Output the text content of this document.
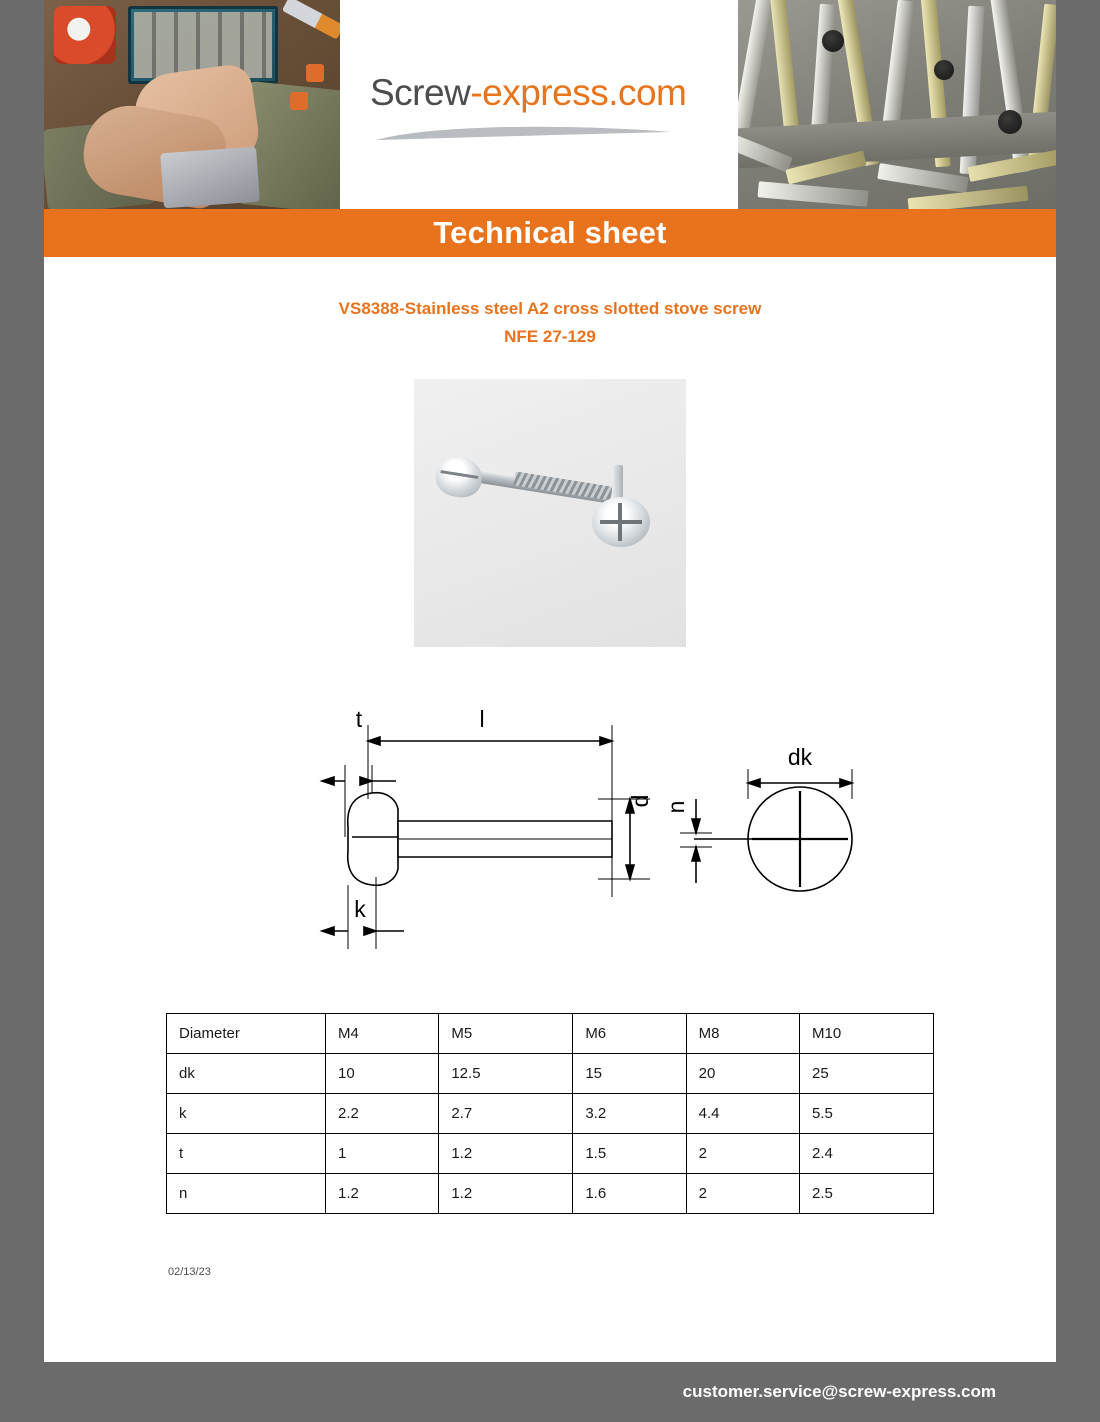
Screw-express.com
Technical sheet
VS8388-Stainless steel A2 cross slotted stove screw
NFE 27-129
l
t
d
k
dk
n
Diameter	M4	M5	M6	M8	M10
dk	10	12.5	15	20	25
k	2.2	2.7	3.2	4.4	5.5
t	1	1.2	1.5	2	2.4
n	1.2	1.2	1.6	2	2.5
02/13/23
customer.service@screw-express.com
